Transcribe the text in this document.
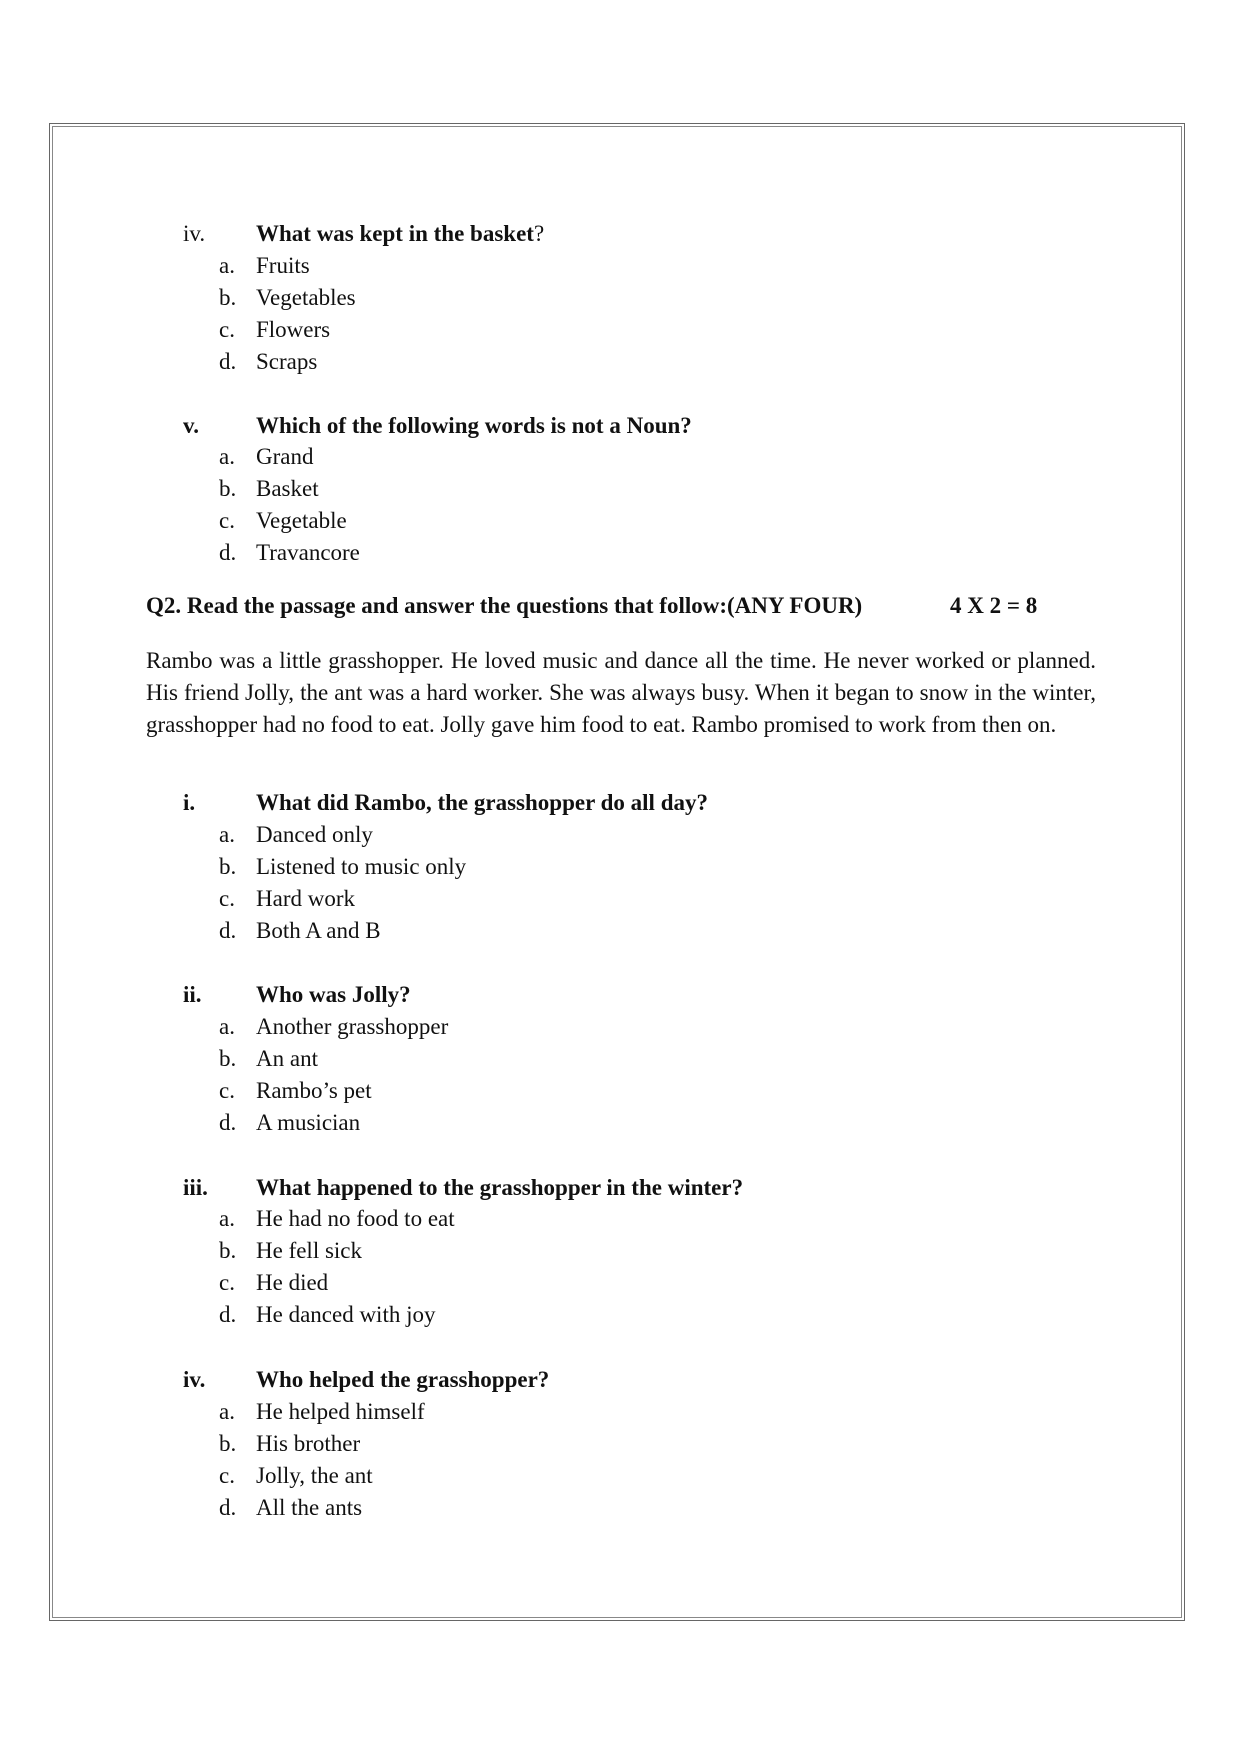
iv.	What was kept in the basket?
a. Fruits
b. Vegetables
c. Flowers
d. Scraps
v.	Which of the following words is not a Noun?
a. Grand
b. Basket
c. Vegetable
d. Travancore
Q2. Read the passage and answer the questions that follow:(ANY FOUR)	4 X 2 = 8
Rambo was a little grasshopper. He loved music and dance all the time. He never worked or planned. His friend Jolly, the ant was a hard worker. She was always busy. When it began to snow in the winter, grasshopper had no food to eat. Jolly gave him food to eat. Rambo promised to work from then on.
i.	What did Rambo, the grasshopper do all day?
a. Danced only
b. Listened to music only
c. Hard work
d. Both A and B
ii.	Who was Jolly?
a. Another grasshopper
b. An ant
c. Rambo’s pet
d. A musician
iii.	What happened to the grasshopper in the winter?
a. He had no food to eat
b. He fell sick
c. He died
d. He danced with joy
iv.	Who helped the grasshopper?
a. He helped himself
b. His brother
c. Jolly, the ant
d. All the ants
